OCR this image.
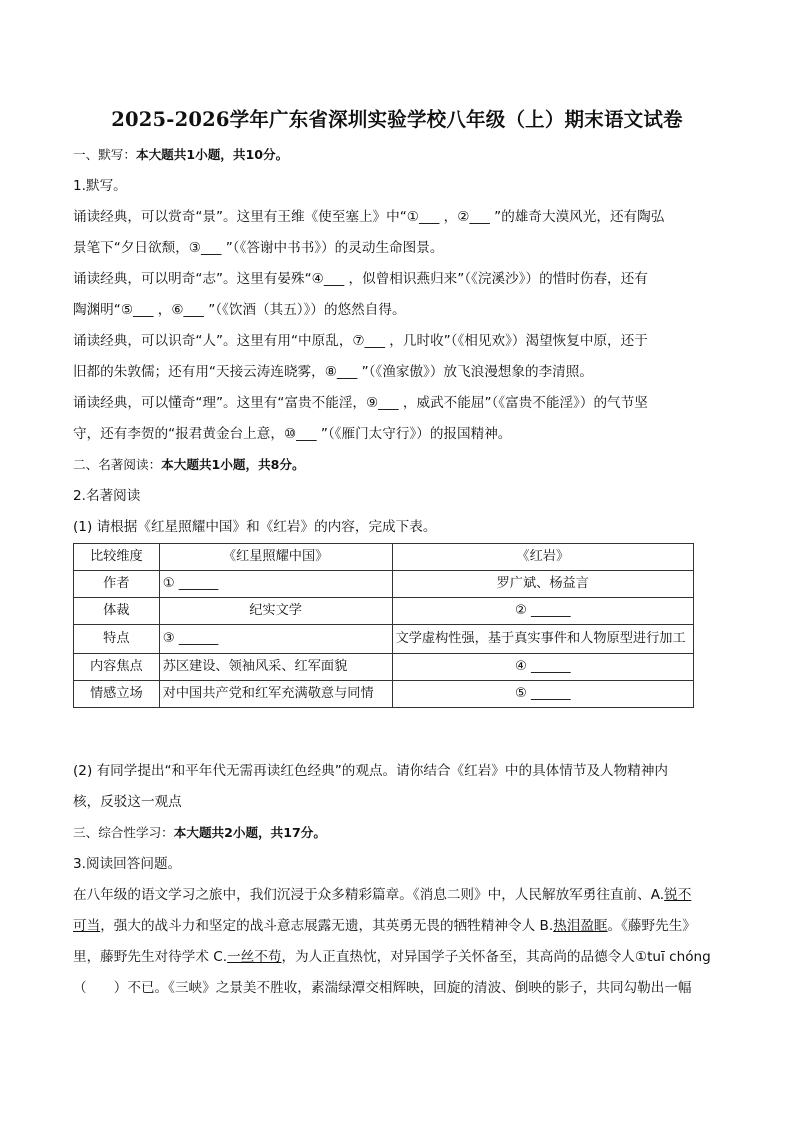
2025-2026学年广东省深圳实验学校八年级（上）期末语文试卷
一、默写：本大题共1小题，共10分。
1.默写。
诵读经典，可以赏奇“景”。这里有王维《使至塞上》中“①___ ，②___ ”的雄奇大漠风光，还有陶弘
景笔下“夕日欲颓，③___ ”（《答谢中书书》）的灵动生命图景。
诵读经典，可以明奇“志”。这里有晏殊“④___ ，似曾相识燕归来”（《浣溪沙》）的惜时伤春，还有
陶渊明“⑤___ ，⑥___ ”（《饮酒（其五）》）的悠然自得。
诵读经典，可以识奇“人”。这里有用“中原乱，⑦___ ，几时收”（《相见欢》）渴望恢复中原，还于
旧都的朱敦儒；还有用“天接云涛连晓雾，⑧___ ”（《渔家傲》）放飞浪漫想象的李清照。
诵读经典，可以懂奇“理”。这里有“富贵不能淫，⑨___ ，威武不能屈”（《富贵不能淫》）的气节坚
守，还有李贺的“报君黄金台上意，⑩___ ”（《雁门太守行》）的报国精神。
二、名著阅读：本大题共1小题，共8分。
2.名著阅读
(1) 请根据《红星照耀中国》和《红岩》的内容，完成下表。
比较维度	《红星照耀中国》	《红岩》
作者	① ______	罗广斌、杨益言
体裁	纪实文学	② ______
特点	③ ______	文学虚构性强，基于真实事件和人物原型进行加工
内容焦点	苏区建设、领袖风采、红军面貌	④ ______
情感立场	对中国共产党和红军充满敬意与同情	⑤ ______
(2) 有同学提出“和平年代无需再读红色经典”的观点。请你结合《红岩》中的具体情节及人物精神内
核，反驳这一观点
三、综合性学习：本大题共2小题，共17分。
3.阅读回答问题。
在八年级的语文学习之旅中，我们沉浸于众多精彩篇章。《消息二则》中，人民解放军勇往直前、A.锐不
可当，强大的战斗力和坚定的战斗意志展露无遗，其英勇无畏的牺牲精神令人 B.热泪盈眶。《藤野先生》
里，藤野先生对待学术 C.一丝不苟，为人正直热忱，对异国学子关怀备至，其高尚的品德令人①tuī chóng
（　　）不已。《三峡》之景美不胜收，素湍绿潭交相辉映，回旋的清波、倒映的影子，共同勾勒出一幅
